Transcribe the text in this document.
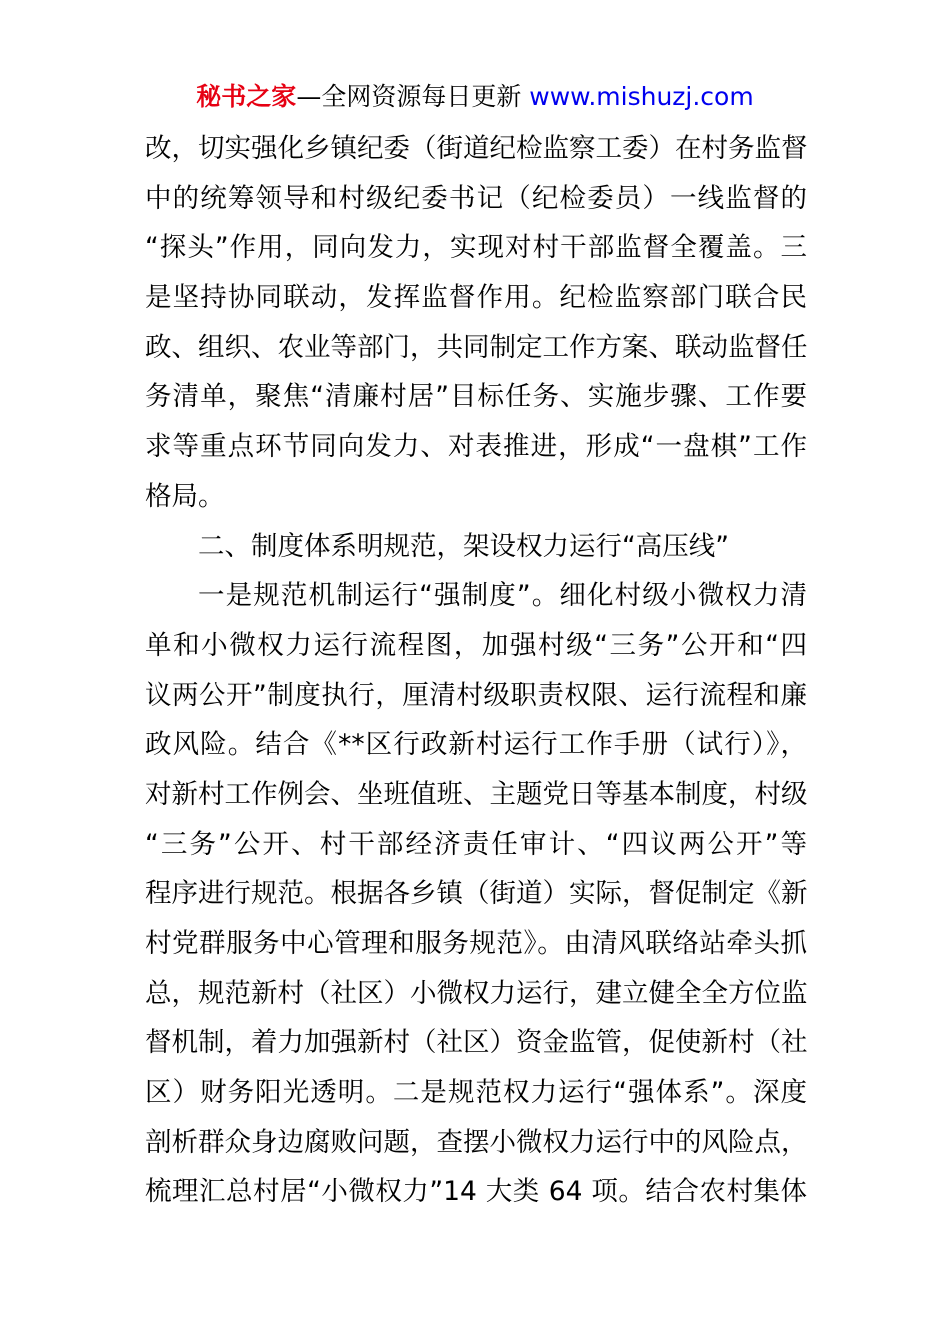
秘书之家—全网资源每日更新 www.mishuzj.com
改，切实强化乡镇纪委（街道纪检监察工委）在村务监督
中的统筹领导和村级纪委书记（纪检委员）一线监督的
“探头”作用，同向发力，实现对村干部监督全覆盖。三
是坚持协同联动，发挥监督作用。纪检监察部门联合民
政、组织、农业等部门，共同制定工作方案、联动监督任
务清单，聚焦“清廉村居”目标任务、实施步骤、工作要
求等重点环节同向发力、对表推进，形成“一盘棋”工作
格局。
二、制度体系明规范，架设权力运行“高压线”
一是规范机制运行“强制度”。细化村级小微权力清
单和小微权力运行流程图，加强村级“三务”公开和“四
议两公开”制度执行，厘清村级职责权限、运行流程和廉
政风险。结合《**区行政新村运行工作手册（试行）》，
对新村工作例会、坐班值班、主题党日等基本制度，村级
“三务”公开、村干部经济责任审计、“四议两公开”等
程序进行规范。根据各乡镇（街道）实际，督促制定《新
村党群服务中心管理和服务规范》。由清风联络站牵头抓
总，规范新村（社区）小微权力运行，建立健全全方位监
督机制，着力加强新村（社区）资金监管，促使新村（社
区）财务阳光透明。二是规范权力运行“强体系”。深度
剖析群众身边腐败问题，查摆小微权力运行中的风险点，
梳理汇总村居“小微权力”14 大类 64 项。结合农村集体
